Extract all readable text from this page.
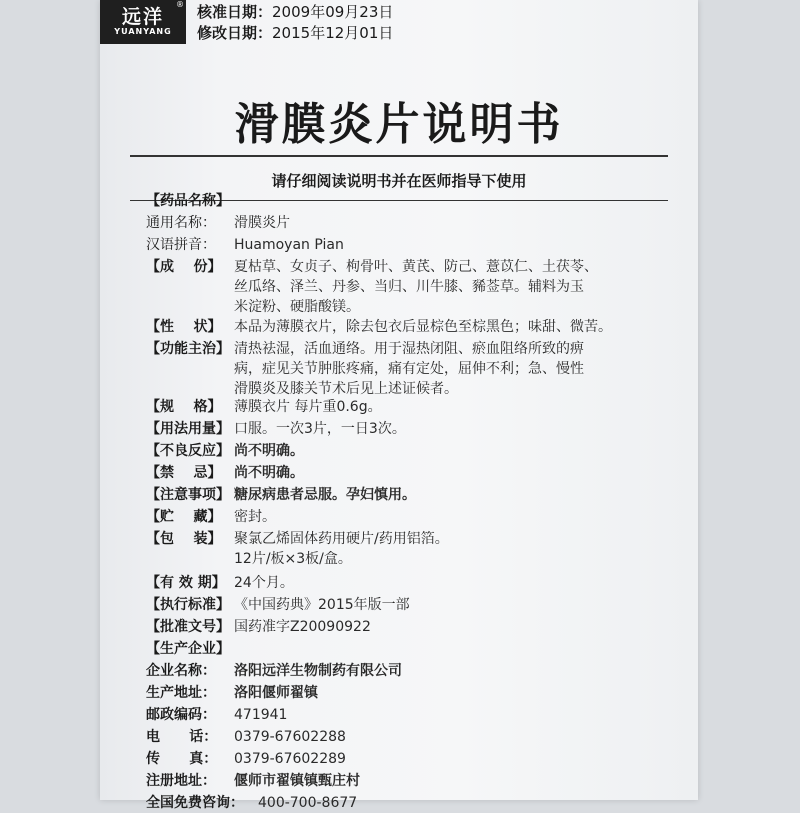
远洋
YUANYANG
® 核准日期：2009年09月23日
修改日期：2015年12月01日
滑膜炎片说明书
请仔细阅读说明书并在医师指导下使用
【药品名称】
通用名称：	滑膜炎片
汉语拼音：	Huamoyan Pian
【成    份】 夏枯草、女贞子、枸骨叶、黄芪、防己、薏苡仁、土茯苓、
丝瓜络、泽兰、丹参、当归、川牛膝、豨莶草。辅料为玉
米淀粉、硬脂酸镁。
【性    状】 本品为薄膜衣片，除去包衣后显棕色至棕黑色；味甜、微苦。
【功能主治】 清热祛湿，活血通络。用于湿热闭阻、瘀血阻络所致的痹
病，症见关节肿胀疼痛，痛有定处，屈伸不利；急、慢性
滑膜炎及膝关节术后见上述证候者。
【规    格】 薄膜衣片 每片重0.6g。
【用法用量】 口服。一次3片，一日3次。
【不良反应】 尚不明确。
【禁    忌】 尚不明确。
【注意事项】 糖尿病患者忌服。孕妇慎用。
【贮    藏】 密封。
【包    装】 聚氯乙烯固体药用硬片/药用铝箔。
12片/板×3板/盒。
【有 效 期】 24个月。
【执行标准】 《中国药典》2015年版一部
【批准文号】 国药准字Z20090922
【生产企业】
企业名称：	洛阳远洋生物制药有限公司
生产地址：	洛阳偃师翟镇
邮政编码：	471941
电      话：	0379-67602288
传      真：	0379-67602289
注册地址：	偃师市翟镇镇甄庄村
全国免费咨询：	400-700-8677
